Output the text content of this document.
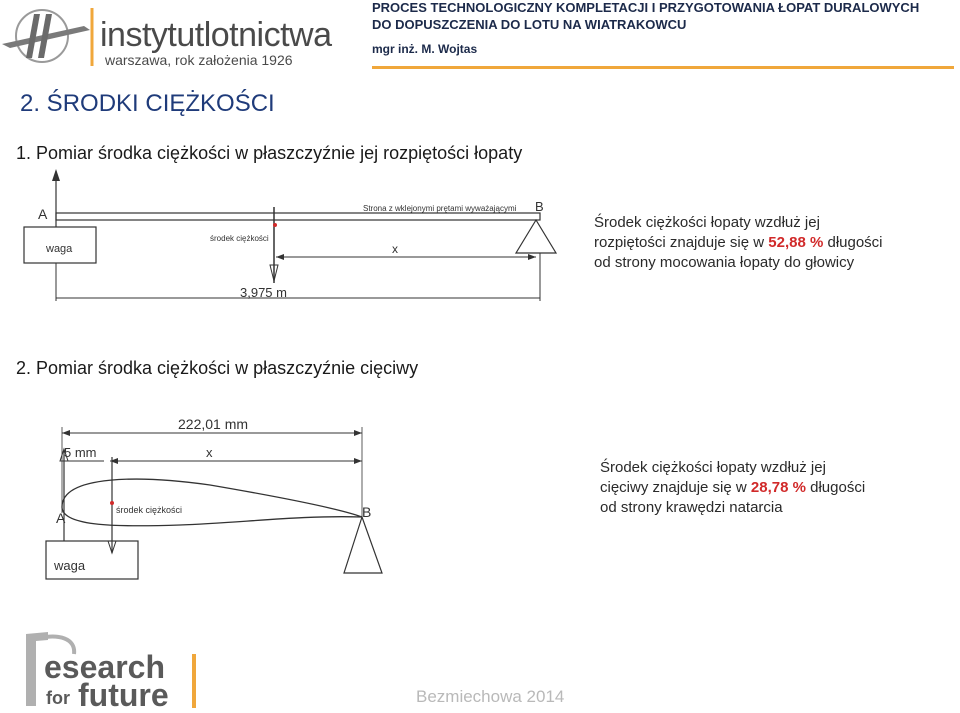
instytutlotnictwa
warszawa, rok założenia 1926
PROCES TECHNOLOGICZNY KOMPLETACJI I PRZYGOTOWANIA ŁOPAT DURALOWYCH
DO DOPUSZCZENIA DO LOTU NA WIATRAKOWCU
mgr inż. M. Wojtas
2. ŚRODKI CIĘŻKOŚCI
1. Pomiar środka ciężkości w płaszczyźnie jej rozpiętości łopaty
waga
A	B
Strona z wklejonymi prętami wyważającymi
środek ciężkości
x
3,975 m
Środek ciężkości łopaty wzdłuż jej
rozpiętości znajduje się w 52,88 % długości
od strony mocowania łopaty do głowicy
2. Pomiar środka ciężkości w płaszczyźnie cięciwy
222,01 mm
5 mm	x
A	środek ciężkości	B
waga
Środek ciężkości łopaty wzdłuż jej
cięciwy znajduje się w 28,78 % długości
od strony krawędzi natarcia
esearch
for future	Bezmiechowa 2014
